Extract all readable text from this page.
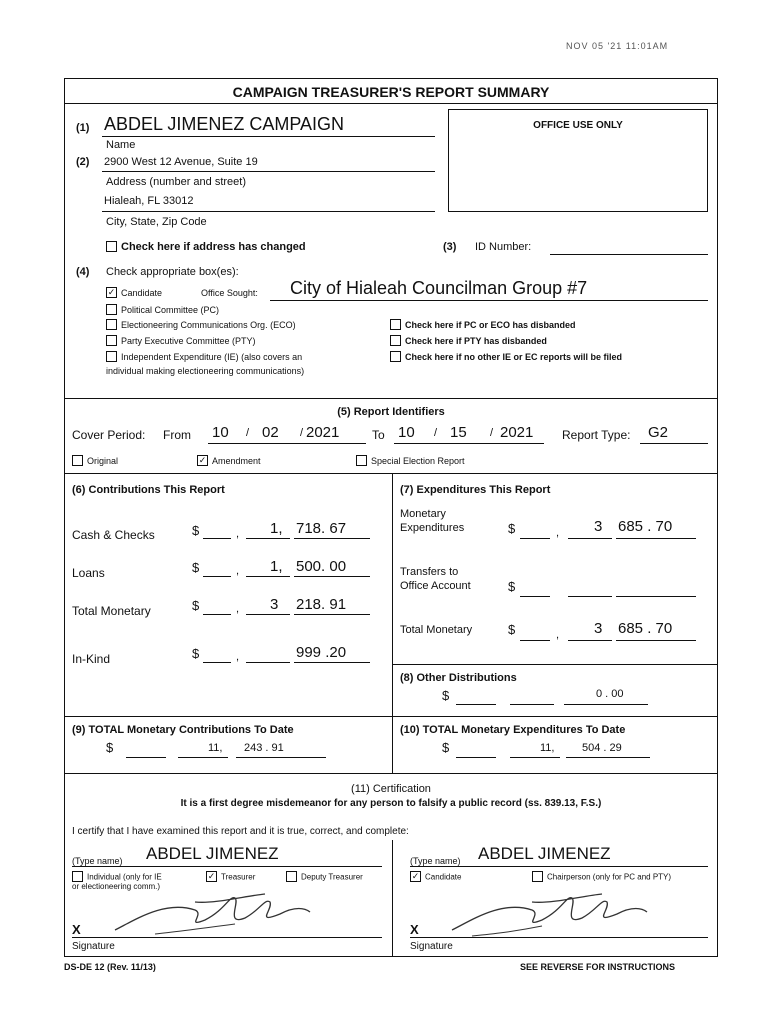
NOV 05 '21 11:01AM
CAMPAIGN TREASURER'S REPORT SUMMARY
(1) ABDEL JIMENEZ CAMPAIGN
Name
(2) 2900 West 12 Avenue, Suite 19
Address (number and street)
Hialeah, FL 33012
City, State, Zip Code
Check here if address has changed
OFFICE USE ONLY
(3) ID Number:
(4) Check appropriate box(es):
✓ Candidate	Office Sought: City of Hialeah Councilman Group #7
Political Committee (PC)
Electioneering Communications Org. (ECO)
Party Executive Committee (PTY)
Independent Expenditure (IE) (also covers an
individual making electioneering communications)
Check here if PC or ECO has disbanded
Check here if PTY has disbanded
Check here if no other IE or EC reports will be filed
(5) Report Identifiers
Cover Period: From 10 / 02 / 2021	To 10 / 15 / 2021 Report Type: G2
Original	✓ Amendment	Special Election Report
(6) Contributions This Report
Cash & Checks	$	, 1, 718. 67
Loans	$	, 1, 500. 00
Total Monetary	$	, 3 218. 91
In-Kind	$	,	999 .20
(7) Expenditures This Report
Monetary
Expenditures	$	, 3 685 . 70
Transfers to
Office Account	$
Total Monetary	$	, 3 685 . 70
(8) Other Distributions
$	0 . 00
(9) TOTAL Monetary Contributions To Date
$	11, 243 . 91
(10) TOTAL Monetary Expenditures To Date
$	11,	504 . 29
(11) Certification
It is a first degree misdemeanor for any person to falsify a public record (ss. 839.13, F.S.)
I certify that I have examined this report and it is true, correct, and complete:
(Type name) ABDEL JIMENEZ
Individual (only for IE
or electioneering comm.)
✓ Treasurer	Deputy Treasurer
X
Signature
(Type name) ABDEL JIMENEZ
✓ Candidate	Chairperson (only for PC and PTY)
X
Signature
DS-DE 12 (Rev. 11/13)	SEE REVERSE FOR INSTRUCTIONS
